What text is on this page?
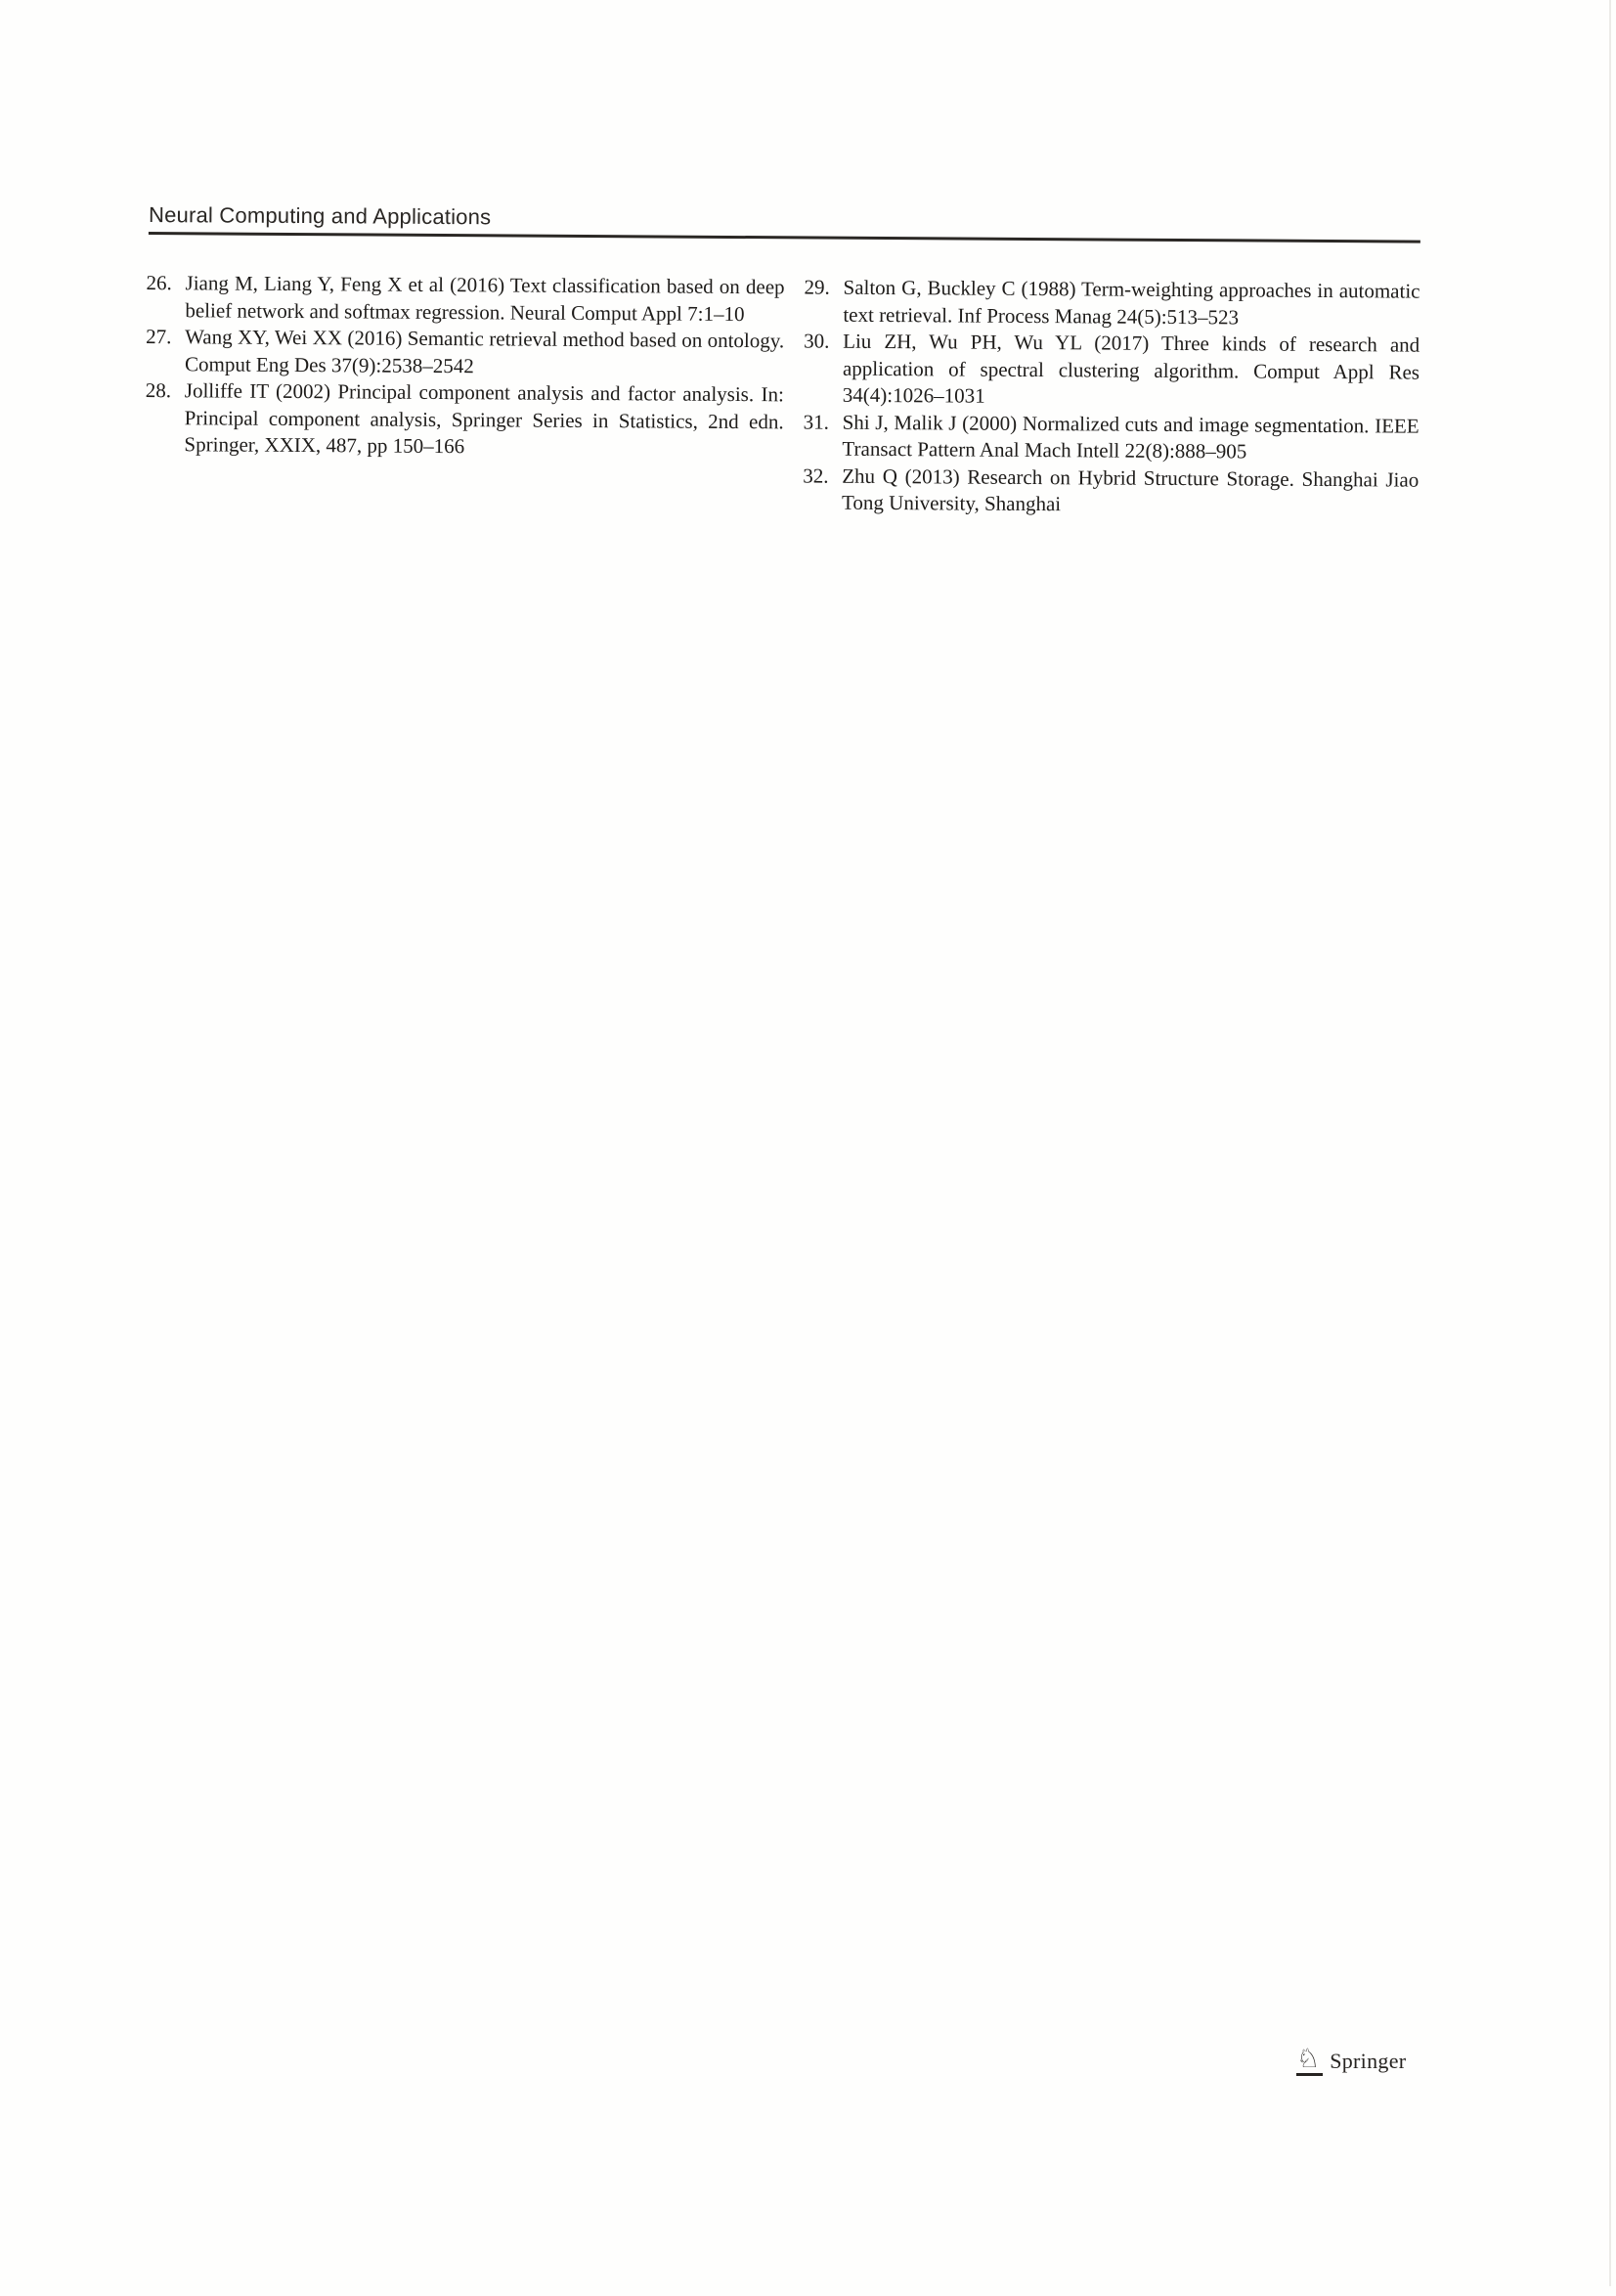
Neural Computing and Applications
26. Jiang M, Liang Y, Feng X et al (2016) Text classification based on deep belief network and softmax regression. Neural Comput Appl 7:1–10
27. Wang XY, Wei XX (2016) Semantic retrieval method based on ontology. Comput Eng Des 37(9):2538–2542
28. Jolliffe IT (2002) Principal component analysis and factor analysis. In: Principal component analysis, Springer Series in Statistics, 2nd edn. Springer, XXIX, 487, pp 150–166
29. Salton G, Buckley C (1988) Term-weighting approaches in automatic text retrieval. Inf Process Manag 24(5):513–523
30. Liu ZH, Wu PH, Wu YL (2017) Three kinds of research and application of spectral clustering algorithm. Comput Appl Res 34(4):1026–1031
31. Shi J, Malik J (2000) Normalized cuts and image segmentation. IEEE Transact Pattern Anal Mach Intell 22(8):888–905
32. Zhu Q (2013) Research on Hybrid Structure Storage. Shanghai Jiao Tong University, Shanghai
♘ Springer
